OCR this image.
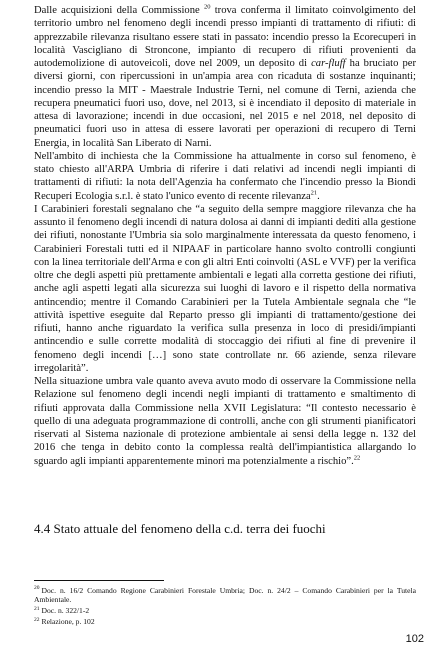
Dalle acquisizioni della Commissione $^{20}$ trova conferma il limitato coinvolgimento del territorio umbro nel fenomeno degli incendi presso impianti di trattamento di rifiuti: di apprezzabile rilevanza risultano essere stati in passato: incendio presso la Ecorecuperi in località Vascigliano di Stroncone, impianto di recupero di rifiuti provenienti da autodemolizione di autoveicoli, dove nel 2009, un deposito di car-fluff ha bruciato per diversi giorni, con ripercussioni in un'ampia area con ricaduta di sostanze inquinanti; incendio presso la MIT - Maestrale Industrie Terni, nel comune di Terni, azienda che recupera pneumatici fuori uso, dove, nel 2013, si è incendiato il deposito di materiale in attesa di lavorazione; incendi in due occasioni, nel 2015 e nel 2018, nel deposito di pneumatici fuori uso in attesa di essere lavorati per operazioni di recupero di Terni Energia, in località San Liberato di Narni.

Nell'ambito di inchiesta che la Commissione ha attualmente in corso sul fenomeno, è stato chiesto all'ARPA Umbria di riferire i dati relativi ad incendi negli impianti di trattamenti di rifiuti: la nota dell'Agenzia ha confermato che l'incendio presso la Biondi Recuperi Ecologia s.r.l. è stato l'unico evento di recente rilevanza$^{21}$.

I Carabinieri forestali segnalano che “a seguito della sempre maggiore rilevanza che ha assunto il fenomeno degli incendi di natura dolosa ai danni di impianti dediti alla gestione dei rifiuti, nonostante l'Umbria sia solo marginalmente interessata da questo fenomeno, i Carabinieri Forestali tutti ed il NIPAAF in particolare hanno svolto controlli congiunti con la linea territoriale dell'Arma e con gli altri Enti coinvolti (ASL e VVF) per la verifica oltre che degli aspetti più prettamente ambientali e legati alla corretta gestione dei rifiuti, anche agli aspetti legati alla sicurezza sui luoghi di lavoro e il rispetto della normativa antincendio; mentre il Comando Carabinieri per la Tutela Ambientale segnala che “le attività ispettive eseguite dal Reparto presso gli impianti di trattamento/gestione dei rifiuti, hanno anche riguardato la verifica sulla presenza in loco di presidi/impianti antincendio e sulle corrette modalità di stoccaggio dei rifiuti al fine di prevenire il fenomeno degli incendi […] sono state controllate nr. 66 aziende, senza rilevare irregolarità”.

Nella situazione umbra vale quanto aveva avuto modo di osservare la Commissione nella Relazione sul fenomeno degli incendi negli impianti di trattamento e smaltimento di rifiuti approvata dalla Commissione nella XVII Legislatura: “Il contesto necessario è quello di una adeguata programmazione di controlli, anche con gli strumenti pianificatori riservati al Sistema nazionale di protezione ambientale ai sensi della legge n. 132 del 2016 che tenga in debito conto la complessa realtà dell'impiantistica allargando lo sguardo agli impianti apparentemente minori ma potenzialmente a rischio”.$^{22}$

4.4 Stato attuale del fenomeno della c.d. terra dei fuochi

$^{20}$ Doc. n. 16/2 Comando Regione Carabinieri Forestale Umbria; Doc. n. 24/2 – Comando Carabinieri per la Tutela Ambientale.

$^{21}$ Doc. n. 322/1-2

$^{22}$ Relazione, p. 102

102
